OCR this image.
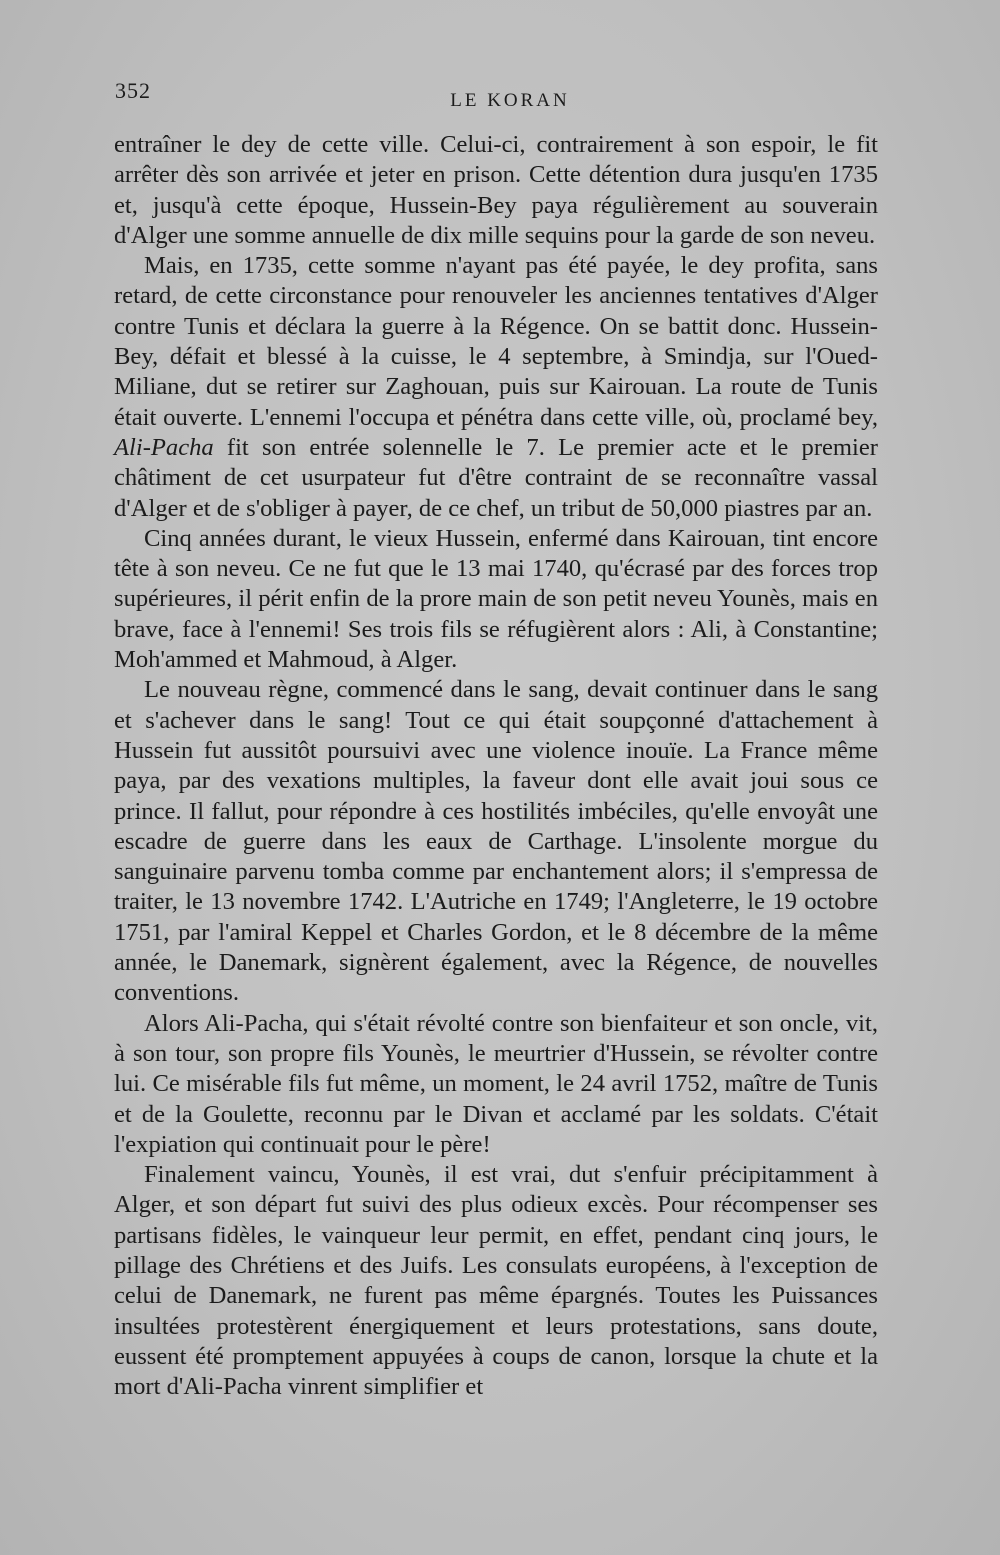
352	LE KORAN

entraîner le dey de cette ville. Celui-ci, contrairement à son espoir, le fit arrêter dès son arrivée et jeter en prison. Cette détention dura jusqu'en 1735 et, jusqu'à cette époque, Hussein-Bey paya régulièrement au souverain d'Alger une somme annuelle de dix mille sequins pour la garde de son neveu.

Mais, en 1735, cette somme n'ayant pas été payée, le dey profita, sans retard, de cette circonstance pour renouveler les anciennes tentatives d'Alger contre Tunis et déclara la guerre à la Régence. On se battit donc. Hussein-Bey, défait et blessé à la cuisse, le 4 septembre, à Smindja, sur l'Oued-Miliane, dut se retirer sur Zaghouan, puis sur Kairouan. La route de Tunis était ouverte. L'ennemi l'occupa et pénétra dans cette ville, où, proclamé bey, Ali-Pacha fit son entrée solennelle le 7. Le premier acte et le premier châtiment de cet usurpateur fut d'être contraint de se reconnaître vassal d'Alger et de s'obliger à payer, de ce chef, un tribut de 50,000 piastres par an.

Cinq années durant, le vieux Hussein, enfermé dans Kairouan, tint encore tête à son neveu. Ce ne fut que le 13 mai 1740, qu'écrasé par des forces trop supérieures, il périt enfin de la prore main de son petit neveu Younès, mais en brave, face à l'ennemi! Ses trois fils se réfugièrent alors : Ali, à Constantine; Moh'ammed et Mahmoud, à Alger.

Le nouveau règne, commencé dans le sang, devait continuer dans le sang et s'achever dans le sang! Tout ce qui était soupçonné d'attachement à Hussein fut aussitôt poursuivi avec une violence inouïe. La France même paya, par des vexations multiples, la faveur dont elle avait joui sous ce prince. Il fallut, pour répondre à ces hostilités imbéciles, qu'elle envoyât une escadre de guerre dans les eaux de Carthage. L'insolente morgue du sanguinaire parvenu tomba comme par enchantement alors; il s'empressa de traiter, le 13 novembre 1742. L'Autriche en 1749; l'Angleterre, le 19 octobre 1751, par l'amiral Keppel et Charles Gordon, et le 8 décembre de la même année, le Danemark, signèrent également, avec la Régence, de nouvelles conventions.

Alors Ali-Pacha, qui s'était révolté contre son bienfaiteur et son oncle, vit, à son tour, son propre fils Younès, le meurtrier d'Hussein, se révolter contre lui. Ce misérable fils fut même, un moment, le 24 avril 1752, maître de Tunis et de la Goulette, reconnu par le Divan et acclamé par les soldats. C'était l'expiation qui continuait pour le père!

Finalement vaincu, Younès, il est vrai, dut s'enfuir précipitamment à Alger, et son départ fut suivi des plus odieux excès. Pour récompenser ses partisans fidèles, le vainqueur leur permit, en effet, pendant cinq jours, le pillage des Chrétiens et des Juifs. Les consulats européens, à l'exception de celui de Danemark, ne furent pas même épargnés. Toutes les Puissances insultées protestèrent énergiquement et leurs protestations, sans doute, eussent été promptement appuyées à coups de canon, lorsque la chute et la mort d'Ali-Pacha vinrent simplifier et
